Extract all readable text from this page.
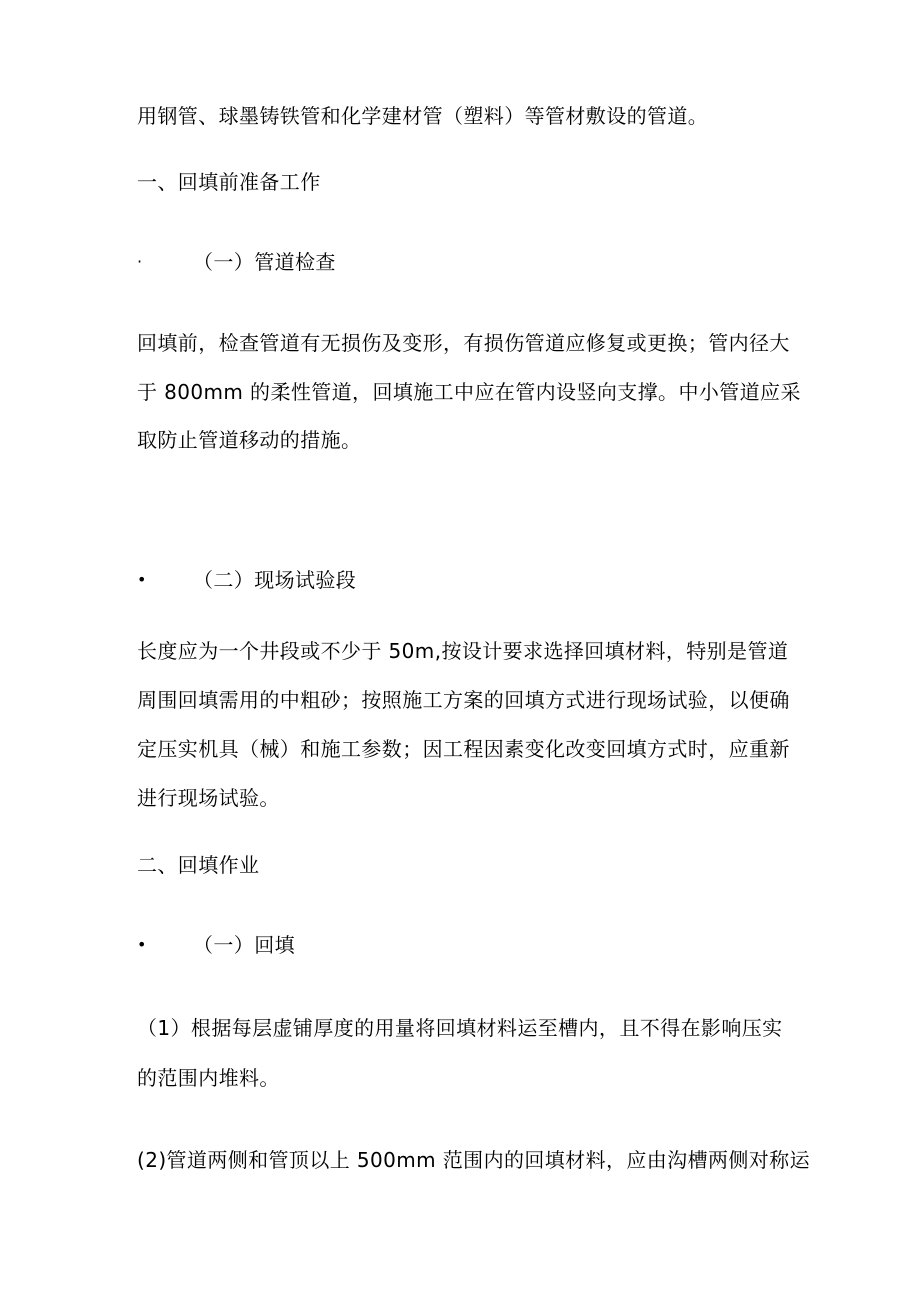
用钢管、球墨铸铁管和化学建材管（塑料）等管材敷设的管道。
一、回填前准备工作
·	（一）管道检查
回填前，检查管道有无损伤及变形，有损伤管道应修复或更换；管内径大
于 800mm 的柔性管道，回填施工中应在管内设竖向支撑。中小管道应采
取防止管道移动的措施。
• （二）现场试验段
长度应为一个井段或不少于 50m,按设计要求选择回填材料，特别是管道
周围回填需用的中粗砂；按照施工方案的回填方式进行现场试验，以便确
定压实机具（械）和施工参数；因工程因素变化改变回填方式时，应重新
进行现场试验。
二、回填作业
• （一）回填
（1）根据每层虚铺厚度的用量将回填材料运至槽内，且不得在影响压实
的范围内堆料。
(2)管道两侧和管顶以上 500mm 范围内的回填材料，应由沟槽两侧对称运
